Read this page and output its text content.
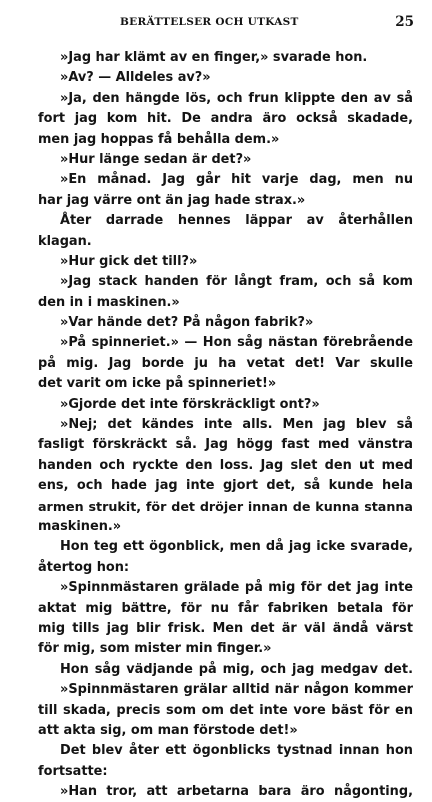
BERÄTTELSER OCH UTKAST	25
»Jag har klämt av en finger,» svarade hon.
»Av? — Alldeles av?»
»Ja, den hängde lös, och frun klippte den av så
fort jag kom hit. De andra äro också skadade,
men jag hoppas få behålla dem.»
»Hur länge sedan är det?»
»En månad. Jag går hit varje dag, men nu
har jag värre ont än jag hade strax.»
Åter darrade hennes läppar av återhållen
klagan.
»Hur gick det till?»
»Jag stack handen för långt fram, och så kom
den in i maskinen.»
»Var hände det? På någon fabrik?»
»På spinneriet.» — Hon såg nästan förebrående
på mig. Jag borde ju ha vetat det! Var skulle
det varit om icke på spinneriet!»
»Gjorde det inte förskräckligt ont?»
»Nej; det kändes inte alls. Men jag blev så
fasligt förskräckt så. Jag högg fast med vänstra
handen och ryckte den loss. Jag slet den ut med
ens, och hade jag inte gjort det, så kunde hela
armen strukit, för det dröjer innan de kunna stanna
maskinen.»
Hon teg ett ögonblick, men då jag icke svarade,
återtog hon:
»Spinnmästaren grälade på mig för det jag inte
aktat mig bättre, för nu får fabriken betala för
mig tills jag blir frisk. Men det är väl ändå värst
för mig, som mister min finger.»
Hon såg vädjande på mig, och jag medgav det.
»Spinnmästaren grälar alltid när någon kommer
till skada, precis som om det inte vore bäst för en
att akta sig, om man förstode det!»
Det blev åter ett ögonblicks tystnad innan hon
fortsatte:
»Han tror, att arbetarna bara äro någonting,
